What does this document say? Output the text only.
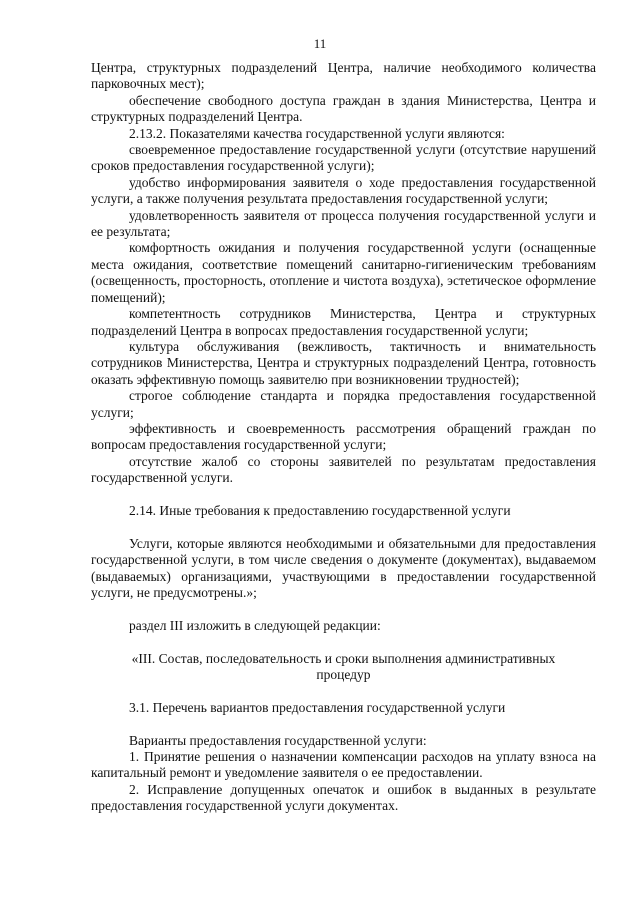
11

Центра, структурных подразделений Центра, наличие необходимого количества парковочных мест);

обеспечение свободного доступа граждан в здания Министерства, Центра и структурных подразделений Центра.

2.13.2. Показателями качества государственной услуги являются:

своевременное предоставление государственной услуги (отсутствие нарушений сроков предоставления государственной услуги);

удобство информирования заявителя о ходе предоставления государственной услуги, а также получения результата предоставления государственной услуги;

удовлетворенность заявителя от процесса получения государственной услуги и ее результата;

комфортность ожидания и получения государственной услуги (оснащенные места ожидания, соответствие помещений санитарно-гигиеническим требованиям (освещенность, просторность, отопление и чистота воздуха), эстетическое оформление помещений);

компетентность сотрудников Министерства, Центра и структурных подразделений Центра в вопросах предоставления государственной услуги;

культура обслуживания (вежливость, тактичность и внимательность сотрудников Министерства, Центра и структурных подразделений Центра, готовность оказать эффективную помощь заявителю при возникновении трудностей);

строгое соблюдение стандарта и порядка предоставления государственной услуги;

эффективность и своевременность рассмотрения обращений граждан по вопросам предоставления государственной услуги;

отсутствие жалоб со стороны заявителей по результатам предоставления государственной услуги.

2.14. Иные требования к предоставлению государственной услуги

Услуги, которые являются необходимыми и обязательными для предоставления государственной услуги, в том числе сведения о документе (документах), выдаваемом (выдаваемых) организациями, участвующими в предоставлении государственной услуги, не предусмотрены.»;

раздел III изложить в следующей редакции:

«III. Состав, последовательность и сроки выполнения административных процедур

3.1. Перечень вариантов предоставления государственной услуги

Варианты предоставления государственной услуги:

1. Принятие решения о назначении компенсации расходов на уплату взноса на капитальный ремонт и уведомление заявителя о ее предоставлении.

2. Исправление допущенных опечаток и ошибок в выданных в результате предоставления государственной услуги документах.
